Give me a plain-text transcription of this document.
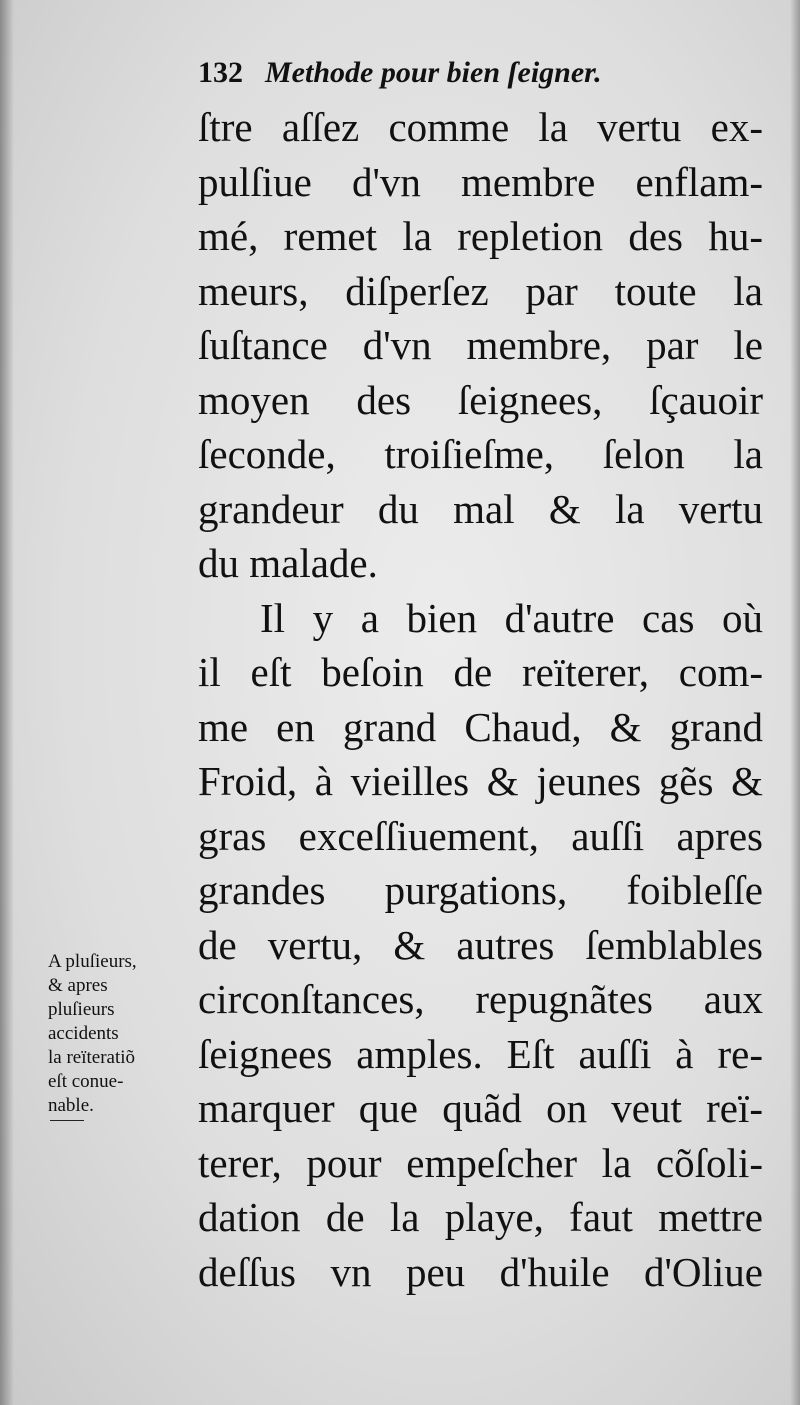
132 Methode pour bien ſeigner.
ſtre aſſez comme la vertu ex-
pulſiue d'vn membre enflam-
mé, remet la repletion des hu-
meurs, diſperſez par toute la
ſuſtance d'vn membre, par le
moyen des ſeignees, ſçauoir
ſeconde, troiſieſme, ſelon la
grandeur du mal & la vertu
du malade.
Il y a bien d'autre cas où
il eſt beſoin de reïterer, com-
me en grand Chaud, & grand
Froid, à vieilles & jeunes gẽs &
gras exceſſiuement, auſſi apres
grandes purgations, foibleſſe
de vertu, & autres ſemblables
circonſtances, repugnãtes aux
ſeignees amples. Eſt auſſi à re-
marquer que quãd on veut reï-
terer, pour empeſcher la cõſoli-
dation de la playe, faut mettre
deſſus vn peu d'huile d'Oliue
A pluſieurs,
& apres
pluſieurs
accidents
la reïteratiõ
eſt conue-
nable.
